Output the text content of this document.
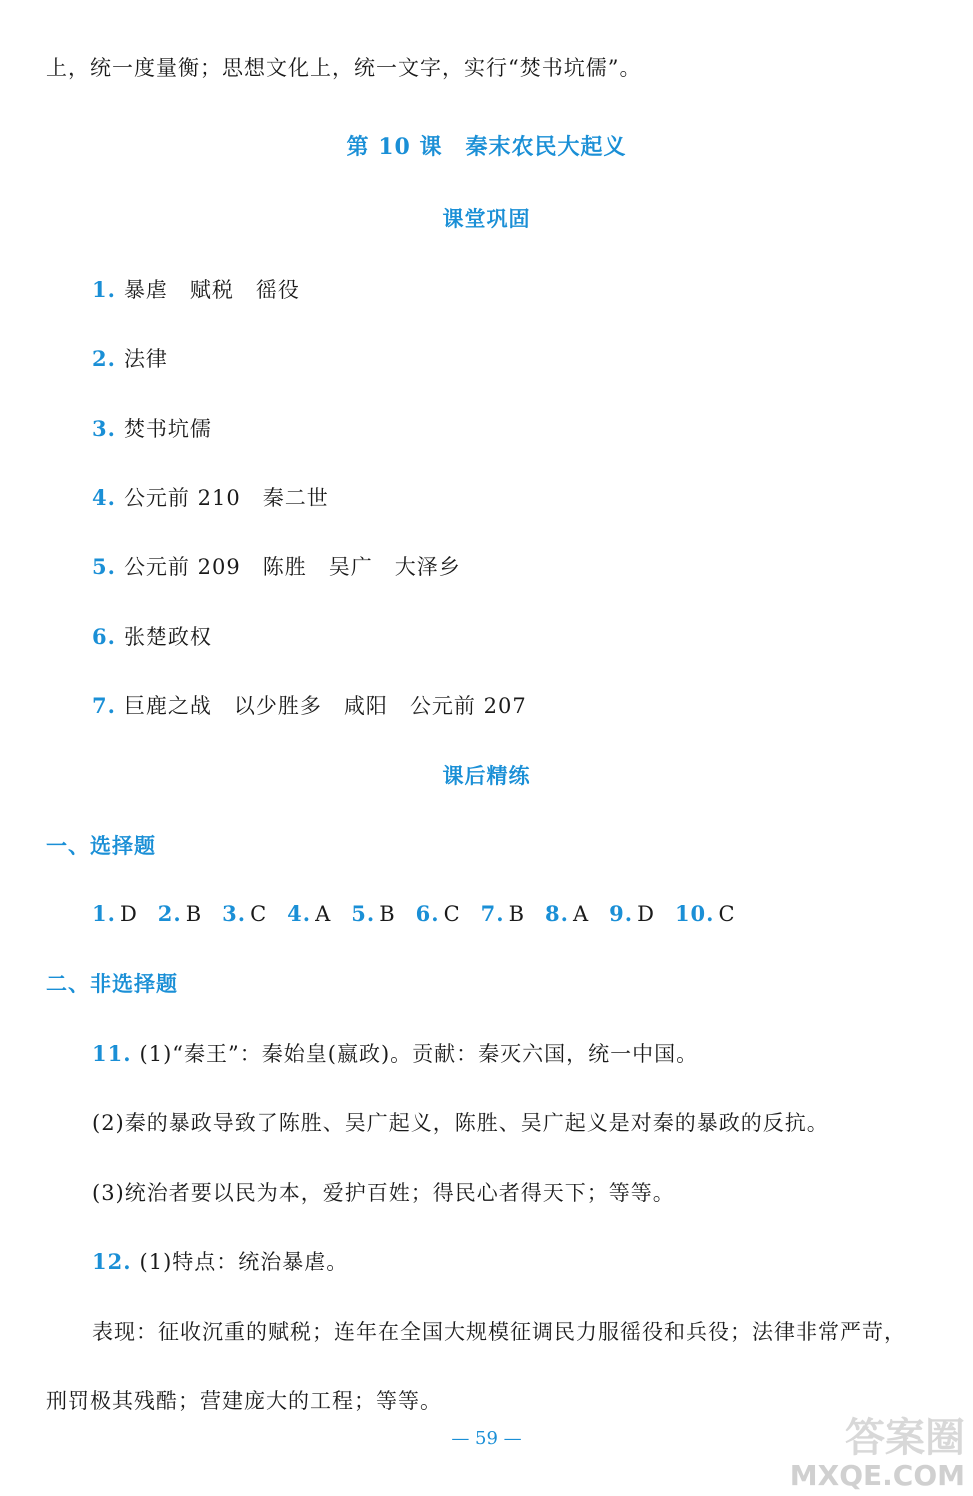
上，统一度量衡；思想文化上，统一文字，实行“焚书坑儒”。
第 10 课　秦末农民大起义
课堂巩固
1. 暴虐　赋税　徭役
2. 法律
3. 焚书坑儒
4. 公元前 210　秦二世
5. 公元前 209　陈胜　吴广　大泽乡
6. 张楚政权
7. 巨鹿之战　以少胜多　咸阳　公元前 207
课后精练
一、选择题
1. D 2. B 3. C 4. A 5. B 6. C 7. B 8. A 9. D 10. C
二、非选择题
11. (1)“秦王”：秦始皇(嬴政)。贡献：秦灭六国，统一中国。
(2)秦的暴政导致了陈胜、吴广起义，陈胜、吴广起义是对秦的暴政的反抗。
(3)统治者要以民为本，爱护百姓；得民心者得天下；等等。
12. (1)特点：统治暴虐。
表现：征收沉重的赋税；连年在全国大规模征调民力服徭役和兵役；法律非常严苛，
刑罚极其残酷；营建庞大的工程；等等。
— 59 —	答案圈
MXQE.COM
